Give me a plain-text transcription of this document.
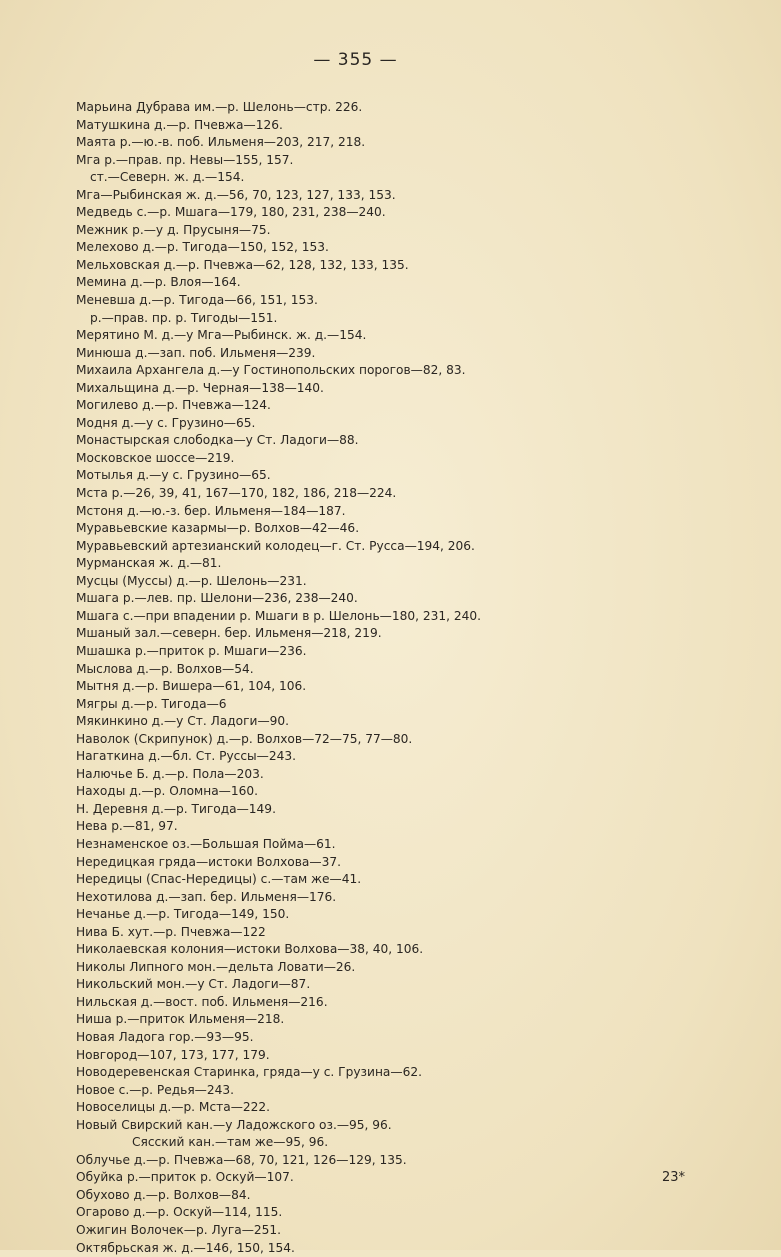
— 355 —
Марьина Дубрава им.—р. Шелонь—стр. 226.
Матушкина д.—р. Пчевжа—126.
Маята р.—ю.-в. поб. Ильменя—203, 217, 218.
Мга р.—прав. пр. Невы—155, 157.
ст.—Северн. ж. д.—154.
Мга—Рыбинская ж. д.—56, 70, 123, 127, 133, 153.
Медведь с.—р. Мшага—179, 180, 231, 238—240.
Межник р.—у д. Прусыня—75.
Мелехово д.—р. Тигода—150, 152, 153.
Мельховская д.—р. Пчевжа—62, 128, 132, 133, 135.
Мемина д.—р. Влоя—164.
Меневша д.—р. Тигода—66, 151, 153.
р.—прав. пр. р. Тигоды—151.
Мерятино М. д.—у Мга—Рыбинск. ж. д.—154.
Минюша д.—зап. поб. Ильменя—239.
Михаила Архангела д.—у Гостинопольских порогов—82, 83.
Михальщина д.—р. Черная—138—140.
Могилево д.—р. Пчевжа—124.
Модня д.—у с. Грузино—65.
Монастырская слободка—у Ст. Ладоги—88.
Московское шоссе—219.
Мотылья д.—у с. Грузино—65.
Мста р.—26, 39, 41, 167—170, 182, 186, 218—224.
Мстоня д.—ю.-з. бер. Ильменя—184—187.
Муравьевские казармы—р. Волхов—42—46.
Муравьевский артезианский колодец—г. Ст. Русса—194, 206.
Мурманская ж. д.—81.
Мусцы (Муссы) д.—р. Шелонь—231.
Мшага р.—лев. пр. Шелони—236, 238—240.
Мшага с.—при впадении р. Мшаги в р. Шелонь—180, 231, 240.
Мшаный зал.—северн. бер. Ильменя—218, 219.
Мшашка р.—приток р. Мшаги—236.
Мыслова д.—р. Волхов—54.
Мытня д.—р. Вишера—61, 104, 106.
Мягры д.—р. Тигода—6
Мякинкино д.—у Ст. Ладоги—90.
Наволок (Скрипунок) д.—р. Волхов—72—75, 77—80.
Нагаткина д.—бл. Ст. Руссы—243.
Налючье Б. д.—р. Пола—203.
Находы д.—р. Оломна—160.
Н. Деревня д.—р. Тигода—149.
Нева р.—81, 97.
Незнаменское оз.—Большая Пойма—61.
Нередицкая гряда—истоки Волхова—37.
Нередицы (Спас-Нередицы) с.—там же—41.
Нехотилова д.—зап. бер. Ильменя—176.
Нечанье д.—р. Тигода—149, 150.
Нива Б. хут.—р. Пчевжа—122
Николаевская колония—истоки Волхова—38, 40, 106.
Николы Липного мон.—дельта Ловати—26.
Никольский мон.—у Ст. Ладоги—87.
Нильская д.—вост. поб. Ильменя—216.
Ниша р.—приток Ильменя—218.
Новая Ладога гор.—93—95.
Новгород—107, 173, 177, 179.
Новодеревенская Старинка, гряда—у с. Грузина—62.
Новое с.—р. Редья—243.
Новоселицы д.—р. Мста—222.
Новый Свирский кан.—у Ладожского оз.—95, 96.
Сясский кан.—там же—95, 96.
Облучье д.—р. Пчевжа—68, 70, 121, 126—129, 135.
Обуйка р.—приток р. Оскуй—107.
Обухово д.—р. Волхов—84.
Огарово д.—р. Оскуй—114, 115.
Ожигин Волочек—р. Луга—251.
Октябрьская ж. д.—146, 150, 154.
23*
